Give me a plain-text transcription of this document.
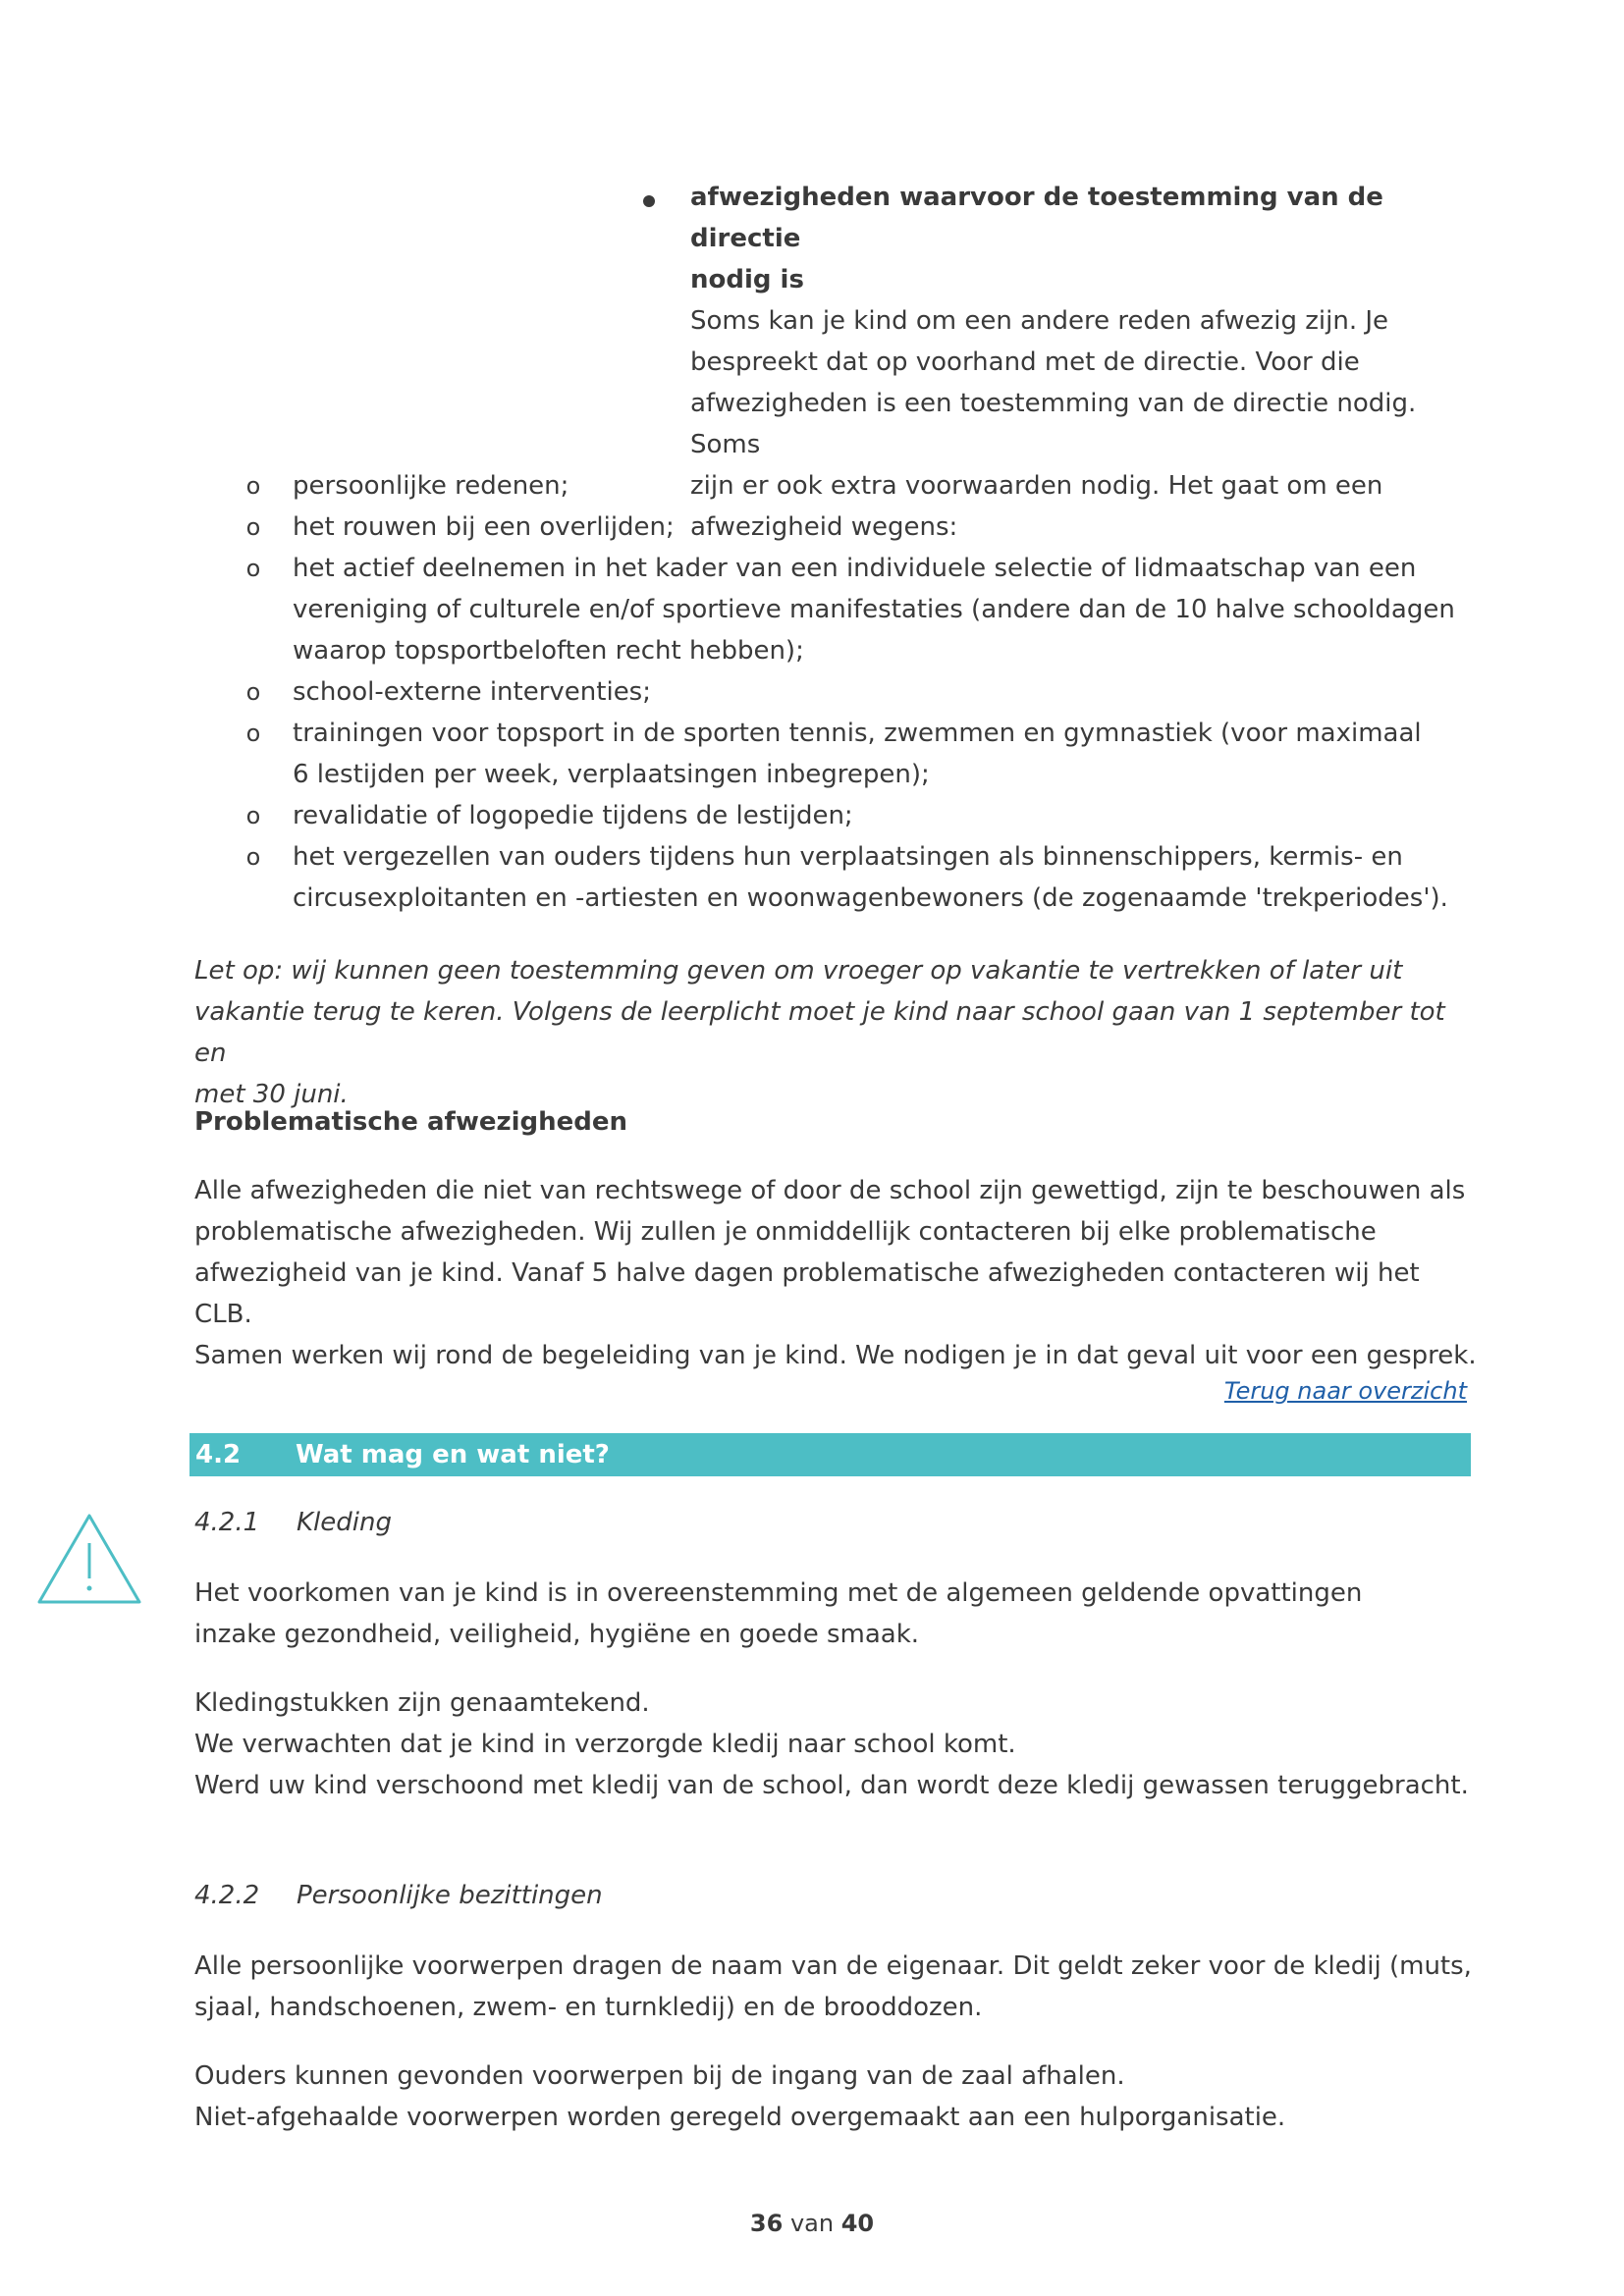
afwezigheden waarvoor de toestemming van de directie
nodig is
Soms kan je kind om een andere reden afwezig zijn. Je
bespreekt dat op voorhand met de directie. Voor die
afwezigheden is een toestemming van de directie nodig. Soms
zijn er ook extra voorwaarden nodig. Het gaat om een
afwezigheid wegens:
o persoonlijke redenen;
o het rouwen bij een overlijden;
o het actief deelnemen in het kader van een individuele selectie of lidmaatschap van een
vereniging of culturele en/of sportieve manifestaties (andere dan de 10 halve schooldagen
waarop topsportbeloften recht hebben);
o school-externe interventies;
o trainingen voor topsport in de sporten tennis, zwemmen en gymnastiek (voor maximaal
6 lestijden per week, verplaatsingen inbegrepen);
o revalidatie of logopedie tijdens de lestijden;
o het vergezellen van ouders tijdens hun verplaatsingen als binnenschippers, kermis- en
circusexploitanten en -artiesten en woonwagenbewoners (de zogenaamde 'trekperiodes').
Let op: wij kunnen geen toestemming geven om vroeger op vakantie te vertrekken of later uit
vakantie terug te keren. Volgens de leerplicht moet je kind naar school gaan van 1 september tot en
met 30 juni.
Problematische afwezigheden
Alle afwezigheden die niet van rechtswege of door de school zijn gewettigd, zijn te beschouwen als
problematische afwezigheden. Wij zullen je onmiddellijk contacteren bij elke problematische
afwezigheid van je kind. Vanaf 5 halve dagen problematische afwezigheden contacteren wij het CLB.
Samen werken wij rond de begeleiding van je kind. We nodigen je in dat geval uit voor een gesprek.
Terug naar overzicht
4.2 Wat mag en wat niet?
4.2.1 Kleding
Het voorkomen van je kind is in overeenstemming met de algemeen geldende opvattingen
inzake gezondheid, veiligheid, hygiëne en goede smaak.
Kledingstukken zijn genaamtekend.
We verwachten dat je kind in verzorgde kledij naar school komt.
Werd uw kind verschoond met kledij van de school, dan wordt deze kledij gewassen teruggebracht.
4.2.2 Persoonlijke bezittingen
Alle persoonlijke voorwerpen dragen de naam van de eigenaar. Dit geldt zeker voor de kledij (muts,
sjaal, handschoenen, zwem- en turnkledij) en de brooddozen.
Ouders kunnen gevonden voorwerpen bij de ingang van de zaal afhalen.
Niet-afgehaalde voorwerpen worden geregeld overgemaakt aan een hulporganisatie.
36 van 40
